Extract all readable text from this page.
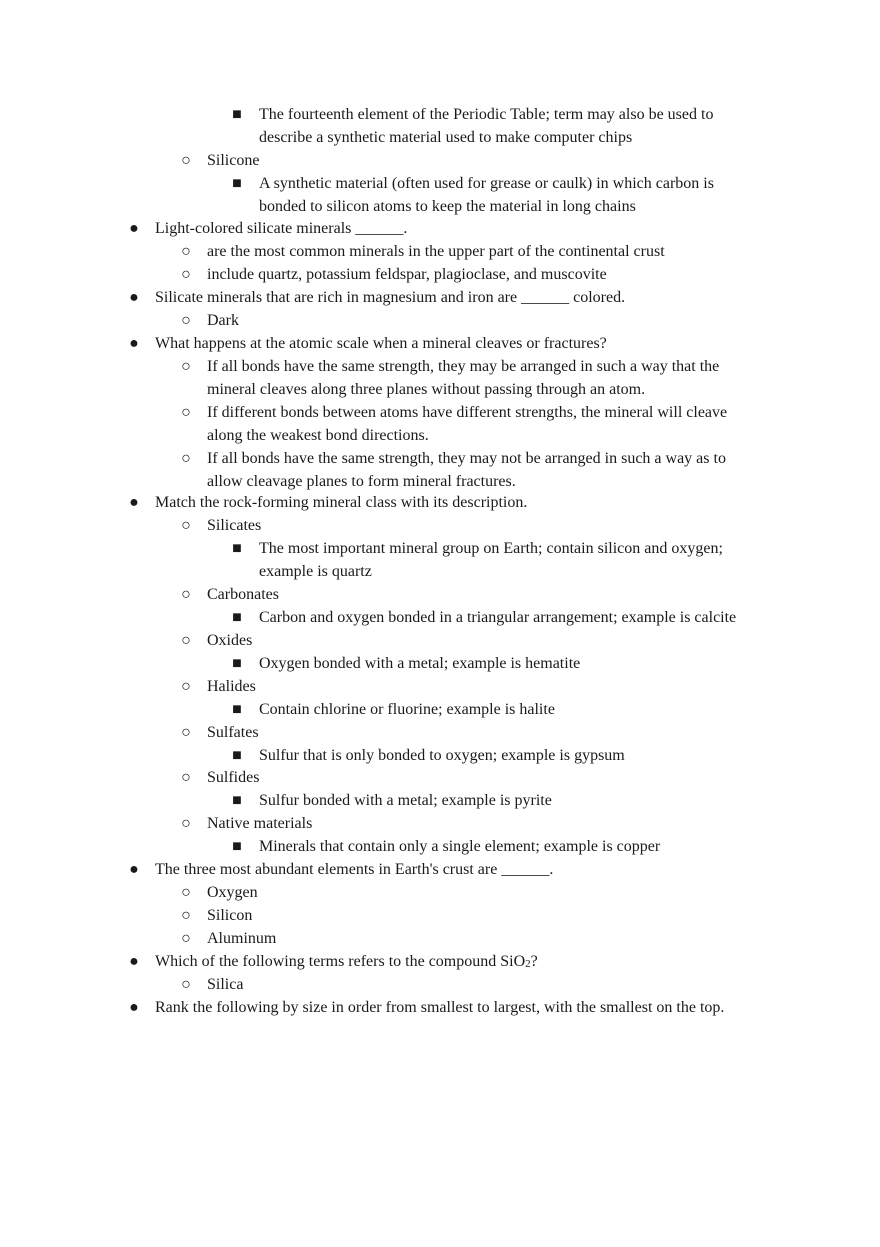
■ The fourteenth element of the Periodic Table; term may also be used to
describe a synthetic material used to make computer chips
○ Silicone
■ A synthetic material (often used for grease or caulk) in which carbon is
bonded to silicon atoms to keep the material in long chains
● Light-colored silicate minerals ______.
○ are the most common minerals in the upper part of the continental crust
○ include quartz, potassium feldspar, plagioclase, and muscovite
● Silicate minerals that are rich in magnesium and iron are ______ colored.
○ Dark
● What happens at the atomic scale when a mineral cleaves or fractures?
○ If all bonds have the same strength, they may be arranged in such a way that the
mineral cleaves along three planes without passing through an atom.
○ If different bonds between atoms have different strengths, the mineral will cleave
along the weakest bond directions.
○ If all bonds have the same strength, they may not be arranged in such a way as to
allow cleavage planes to form mineral fractures.
● Match the rock-forming mineral class with its description.
○ Silicates
■ The most important mineral group on Earth; contain silicon and oxygen;
example is quartz
○ Carbonates
■ Carbon and oxygen bonded in a triangular arrangement; example is calcite
○ Oxides
■ Oxygen bonded with a metal; example is hematite
○ Halides
■ Contain chlorine or fluorine; example is halite
○ Sulfates
■ Sulfur that is only bonded to oxygen; example is gypsum
○ Sulfides
■ Sulfur bonded with a metal; example is pyrite
○ Native materials
■ Minerals that contain only a single element; example is copper
● The three most abundant elements in Earth's crust are ______.
○ Oxygen
○ Silicon
○ Aluminum
● Which of the following terms refers to the compound SiO2?
○ Silica
● Rank the following by size in order from smallest to largest, with the smallest on the top.
